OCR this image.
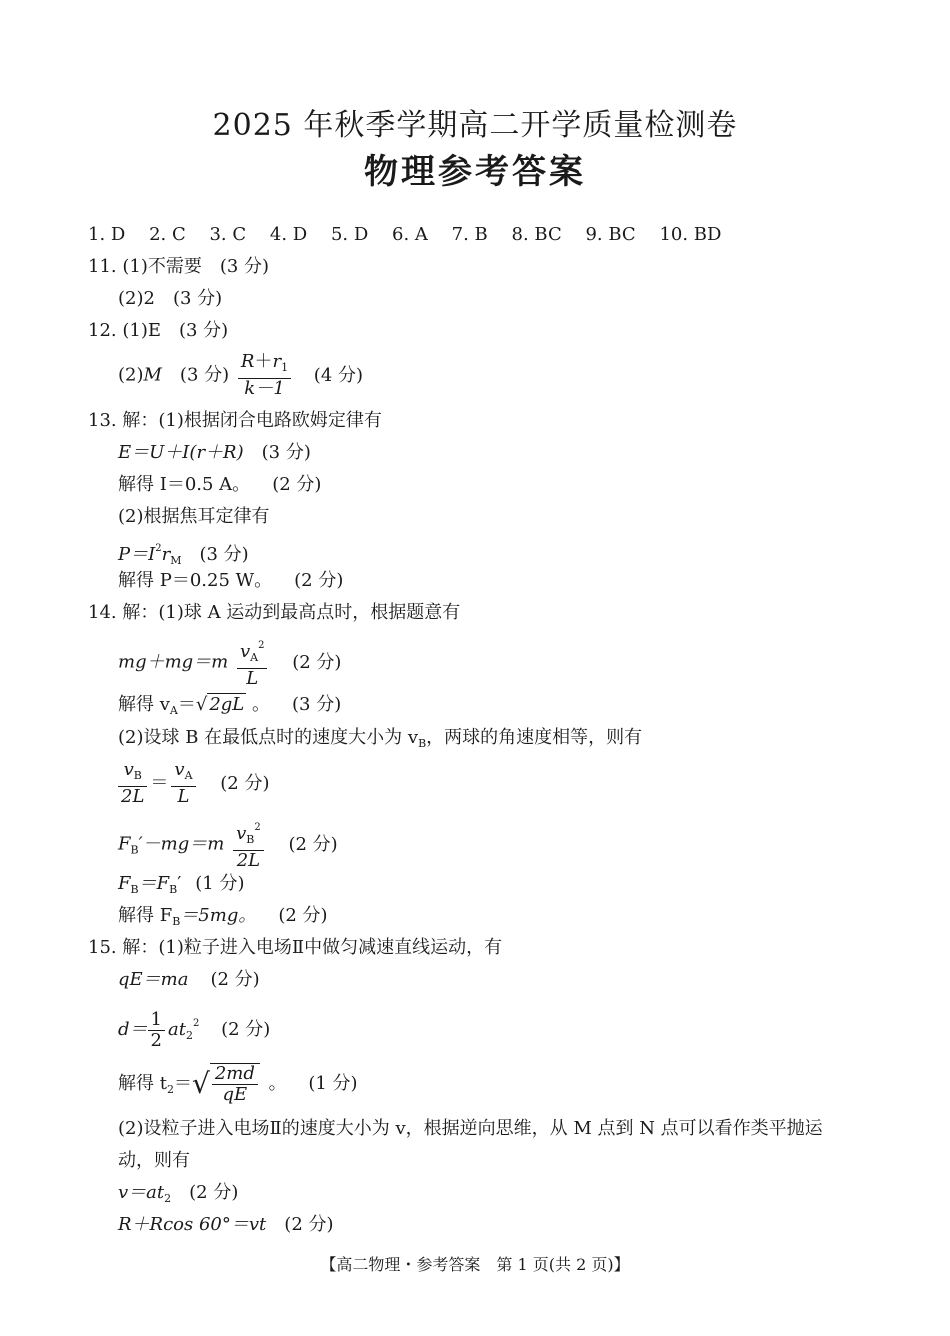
2025 年秋季学期高二开学质量检测卷
物理参考答案
1. D 2. C 3. C 4. D 5. D 6. A 7. B 8. BC 9. BC 10. BD
11. (1)不需要　(3 分)
(2)2　(3 分)
12. (1)E　(3 分)
(2)M　(3 分) $\frac{R+r_1}{k-1} (4$ 分)
13. 解：(1)根据闭合电路欧姆定律有
E＝U＋I(r＋R) (3 分)
解得 I＝0.5 A。 (2 分)
(2)根据焦耳定律有
$P=I^2r_M$ (3 分)
解得 P＝0.25 W。 (2 分)
14. 解：(1)球 A 运动到最高点时，根据题意有
$mg+mg=m \frac{v_A^2}{L} (2$ 分)
解得 $v_A=√$ 2gL 。 (3 分)
(2)设球 B 在最低点时的速度大小为 $v_B$，两球的角速度相等，则有
$\frac{v_B}{2L} = \frac{v_A}{L} (2$ 分)
$F_B'-mg=m \frac{v_B^2}{2L} (2$ 分)
$F_B=F_B'$ (1 分)
解得 $F_B=5mg$。 (2 分)
15. 解：(1)粒子进入电场Ⅱ中做匀减速直线运动，有
qE＝ma (2 分)
$d= \frac{1}{2} at_2^2$ (2 分)
解得 $t_2=√ \frac{2md}{qE}$ 。 (1 分)
(2)设粒子进入电场Ⅱ的速度大小为 v，根据逆向思维，从 M 点到 N 点可以看作类平抛运
动，则有
$v=at_2$ (2 分)
R＋Rcos 60°＝vt (2 分)
【高二物理・参考答案　第 1 页(共 2 页)】
